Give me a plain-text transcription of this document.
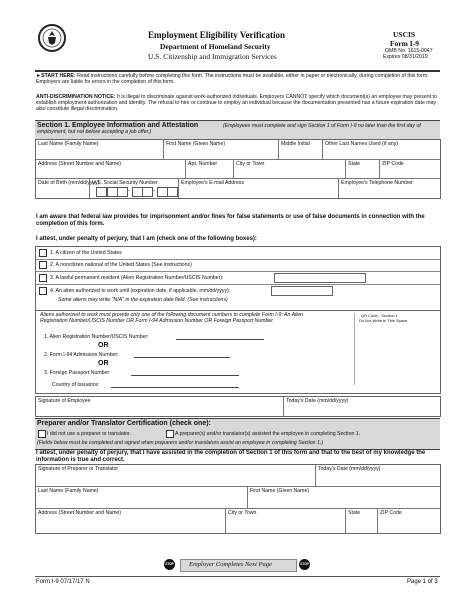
Employment Eligibility Verification
Department of Homeland Security
U.S. Citizenship and Immigration Services
USCIS
Form I-9
OMB No. 1615-0047
Expires 08/31/2019
►START HERE: Read instructions carefully before completing this form. The instructions must be available, either in paper or electronically, during completion of this form. Employers are liable for errors in the completion of this form.
ANTI-DISCRIMINATION NOTICE: It is illegal to discriminate against work-authorized individuals. Employers CANNOT specify which document(s) an employee may present to establish employment authorization and identity. The refusal to hire or continue to employ an individual because the documentation presented has a future expiration date may also constitute illegal discrimination.
Section 1. Employee Information and Attestation	(Employees must complete and sign Section 1 of Form I-9 no later than the first day of employment, but not before accepting a job offer.)
Last Name (Family Name)	First Name (Given Name)	Middle Initial	Other Last Names Used (if any)
Address (Street Number and Name)	Apt. Number	City or Town	State	ZIP Code
Date of Birth (mm/dd/yyyy)
U.S. Social Security Number
-	-
Employee's E-mail Address	Employee's Telephone Number
I am aware that federal law provides for imprisonment and/or fines for false statements or use of false documents in connection with the completion of this form.
I attest, under penalty of perjury, that I am (check one of the following boxes):
1. A citizen of the United States
2. A noncitizen national of the United States (See instructions)
3. A lawful permanent resident (Alien Registration Number/USCIS Number):
4. An alien authorized to work until (expiration date, if applicable, mm/dd/yyyy):
Some aliens may write "N/A" in the expiration date field. (See instructions)
Aliens authorized to work must provide only one of the following document numbers to complete Form I-9: An Alien Registration Number/USCIS Number OR Form I-94 Admission Number OR Foreign Passport Number.
1. Alien Registration Number/USCIS Number:
OR
2. Form I-94 Admission Number:
OR
3. Foreign Passport Number:
Country of Issuance:
QR Code - Section 1
Do Not Write In This Space
Signature of Employee	Today's Date (mm/dd/yyyy)
Preparer and/or Translator Certification (check one):
I did not use a preparer or translator.	A preparer(s) and/or translator(s) assisted the employee in completing Section 1.
(Fields below must be completed and signed when preparers and/or translators assist an employee in completing Section 1.)
I attest, under penalty of perjury, that I have assisted in the completion of Section 1 of this form and that to the best of my knowledge the information is true and correct.
Signature of Preparer or Translator	Today's Date (mm/dd/yyyy)
Last Name (Family Name)	First Name (Given Name)
Address (Street Number and Name)	City or Town	State	ZIP Code
STOP Employer Completes Next Page	STOP
Form I-9 07/17/17 N	Page 1 of 3
